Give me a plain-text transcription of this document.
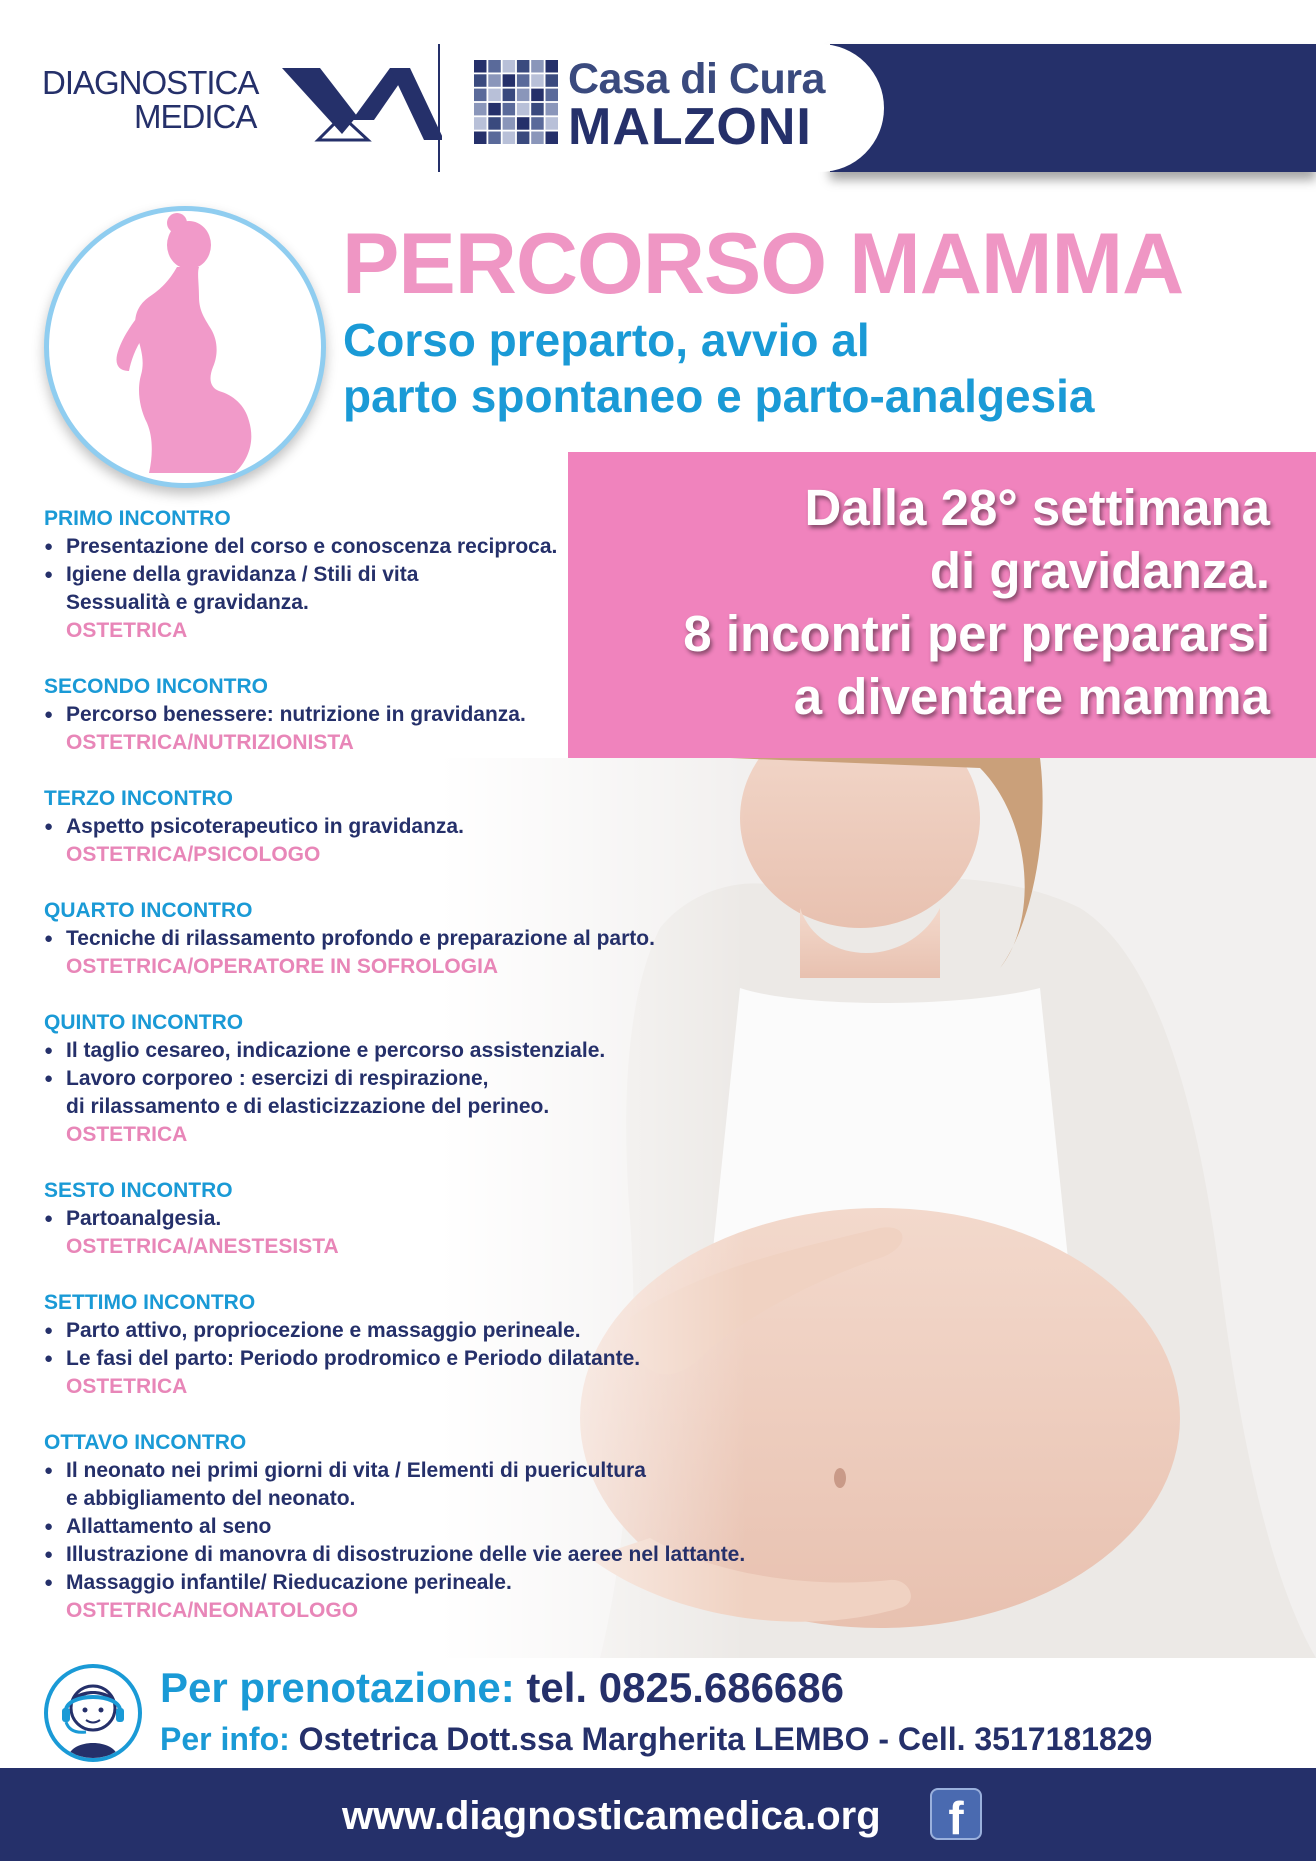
DIAGNOSTICA
MEDICA
Casa di Cura
MALZONI
PERCORSO MAMMA
Corso preparto, avvio al
parto spontaneo e parto-analgesia
Dalla 28° settimana
di gravidanza.
8 incontri per prepararsi
a diventare mamma
PRIMO INCONTRO
● Presentazione del corso e conoscenza reciproca.
● Igiene della gravidanza / Stili di vita
Sessualità e gravidanza.
OSTETRICA
SECONDO INCONTRO
● Percorso benessere: nutrizione in gravidanza.
OSTETRICA/NUTRIZIONISTA
TERZO INCONTRO
● Aspetto psicoterapeutico in gravidanza.
OSTETRICA/PSICOLOGO
QUARTO INCONTRO
● Tecniche di rilassamento profondo e preparazione al parto.
OSTETRICA/OPERATORE IN SOFROLOGIA
QUINTO INCONTRO
● Il taglio cesareo, indicazione e percorso assistenziale.
● Lavoro corporeo : esercizi di respirazione,
di rilassamento e di elasticizzazione del perineo.
OSTETRICA
SESTO INCONTRO
● Partoanalgesia.
OSTETRICA/ANESTESISTA
SETTIMO INCONTRO
● Parto attivo, propriocezione e massaggio perineale.
● Le fasi del parto: Periodo prodromico e Periodo dilatante.
OSTETRICA
OTTAVO INCONTRO
● Il neonato nei primi giorni di vita / Elementi di puericultura
e abbigliamento del neonato.
● Allattamento al seno
● Illustrazione di manovra di disostruzione delle vie aeree nel lattante.
● Massaggio infantile/ Rieducazione perineale.
OSTETRICA/NEONATOLOGO
Per prenotazione: tel. 0825.686686
Per info: Ostetrica Dott.ssa Margherita LEMBO - Cell. 3517181829
www.diagnosticamedica.org	f
